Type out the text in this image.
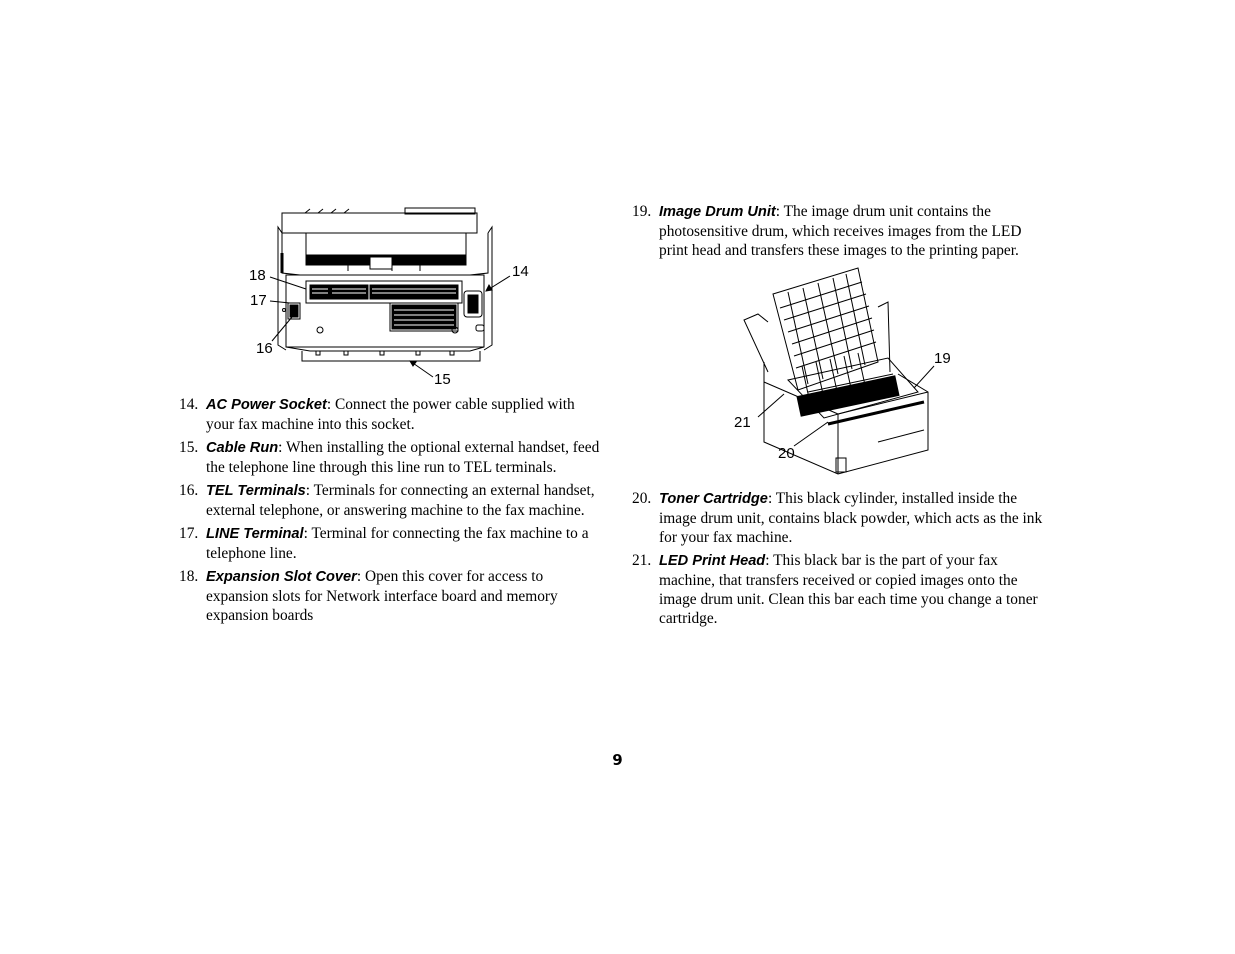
18
17
16
14
15
19
21
20
14. AC Power Socket: Connect the power cable supplied with your fax machine into this socket.
15. Cable Run: When installing the optional external handset, feed the telephone line through this line run to TEL terminals.
16. TEL Terminals: Terminals for connecting an external handset, external telephone, or answering machine to the fax machine.
17. LINE Terminal: Terminal for connecting the fax machine to a telephone line.
18. Expansion Slot Cover: Open this cover for access to expansion slots for Network interface board and memory expansion boards
19. Image Drum Unit: The image drum unit contains the photosensitive drum, which receives images from the LED print head and transfers these images to the printing paper.
20. Toner Cartridge: This black cylinder, installed inside the image drum unit, contains black powder, which acts as the ink for your fax machine.
21. LED Print Head: This black bar is the part of your fax machine, that transfers received or copied images onto the image drum unit. Clean this bar each time you change a toner cartridge.
9
